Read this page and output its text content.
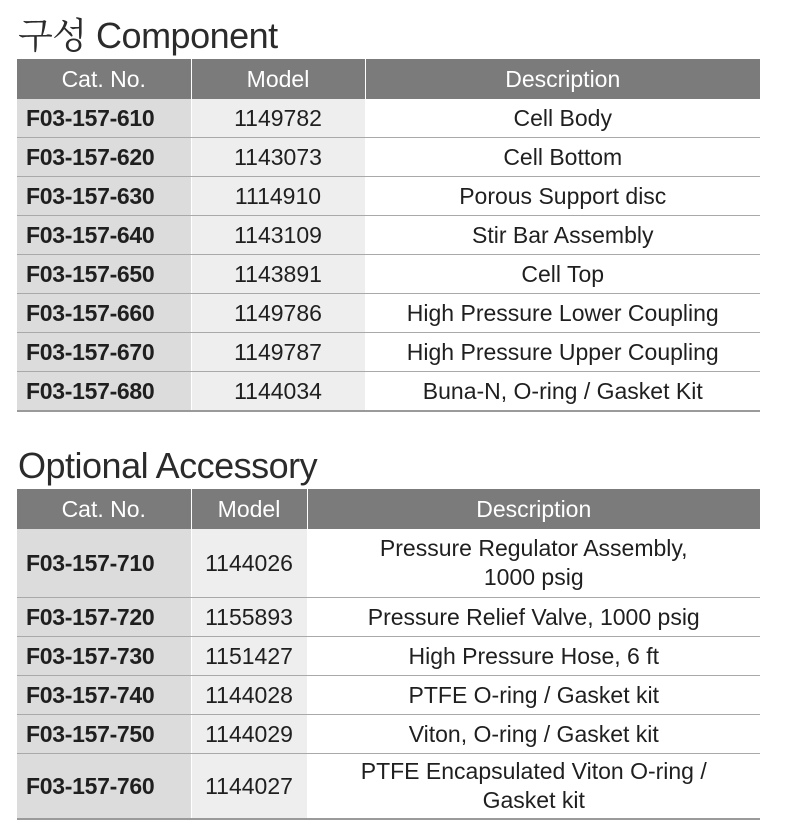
구성 Component
Cat. No.	Model	Description
F03-157-610	1149782	Cell Body
F03-157-620	1143073	Cell Bottom
F03-157-630	1114910	Porous Support disc
F03-157-640	1143109	Stir Bar Assembly
F03-157-650	1143891	Cell Top
F03-157-660	1149786	High Pressure Lower Coupling
F03-157-670	1149787	High Pressure Upper Coupling
F03-157-680	1144034	Buna-N, O-ring / Gasket Kit
Optional Accessory
Cat. No.	Model	Description
F03-157-710	1144026	Pressure Regulator Assembly,
1000 psig

F03-157-720	1155893	Pressure Relief Valve, 1000 psig

F03-157-730	1151427	High Pressure Hose, 6 ft

F03-157-740	1144028	PTFE O-ring / Gasket kit

F03-157-750	1144029	Viton, O-ring / Gasket kit

F03-157-760	1144027	PTFE Encapsulated Viton O-ring /
Gasket kit
